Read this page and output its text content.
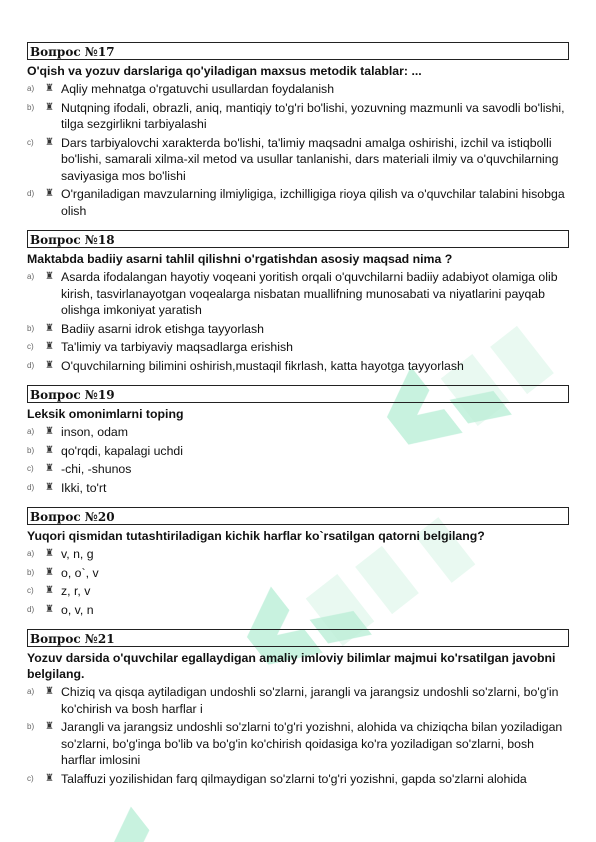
Вопрос №17
O'qish va yozuv darslariga qo'yiladigan maxsus metodik talablar: ...
a)	♜ Aqliy mehnatga o'rgatuvchi usullardan foydalanish
b)	♜ Nutqning ifodali, obrazli, aniq, mantiqiy to'g'ri bo'lishi, yozuvning mazmunli va savodli bo'lishi, tilga sezgirlikni tarbiyalashi
c)	♜ Dars tarbiyalovchi xarakterda bo'lishi, ta'limiy maqsadni amalga oshirishi, izchil va istiqbolli bo'lishi, samarali xilma-xil metod va usullar tanlanishi, dars materiali ilmiy va o'quvchilarning saviyasiga mos bo'lishi
d)	♜ O'rganiladigan mavzularning ilmiyligiga, izchilligiga rioya qilish va o'quvchilar talabini hisobga olish
Вопрос №18
Maktabda badiiy asarni tahlil qilishni o'rgatishdan asosiy maqsad nima ?
a)	♜ Asarda ifodalangan hayotiy voqeani yoritish orqali o'quvchilarni badiiy adabiyot olamiga olib kirish, tasvirlanayotgan voqealarga nisbatan muallifning munosabati va niyatlarini payqab olishga imkoniyat yaratish
b)	♜ Badiiy asarni idrok etishga tayyorlash
c)	♜ Ta'limiy va tarbiyaviy maqsadlarga erishish
d)	♜ O'quvchilarning bilimini oshirish,mustaqil fikrlash, katta hayotga tayyorlash
Вопрос №19
Leksik omonimlarni toping
a)	♜ inson, odam
b)	♜ qo'rqdi, kapalagi uchdi
c)	♜ -chi, -shunos
d)	♜ Ikki, to'rt
Вопрос №20
Yuqori qismidan tutashtiriladigan kichik harflar ko`rsatilgan qatorni belgilang?
a)	♜ v, n, g
b)	♜ o, o`, v
c)	♜ z, r, v
d)	♜ o, v, n
Вопрос №21
Yozuv darsida o'quvchilar egallaydigan amaliy imloviy bilimlar majmui ko'rsatilgan javobni belgilang.
a)	♜ Chiziq va qisqa aytiladigan undoshli so'zlarni, jarangli va jarangsiz undoshli so'zlarni, bo'g'in ko'chirish va bosh harflar i
b)	♜ Jarangli va jarangsiz undoshli so'zlarni to'g'ri yozishni, alohida va chiziqcha bilan yoziladigan so'zlarni, bo'g'inga bo'lib va bo'g'in ko'chirish qoidasiga ko'ra yoziladigan so'zlarni, bosh harflar imlosini
c)	♜ Talaffuzi yozilishidan farq qilmaydigan so'zlarni to'g'ri yozishni, gapda so'zlarni alohida
